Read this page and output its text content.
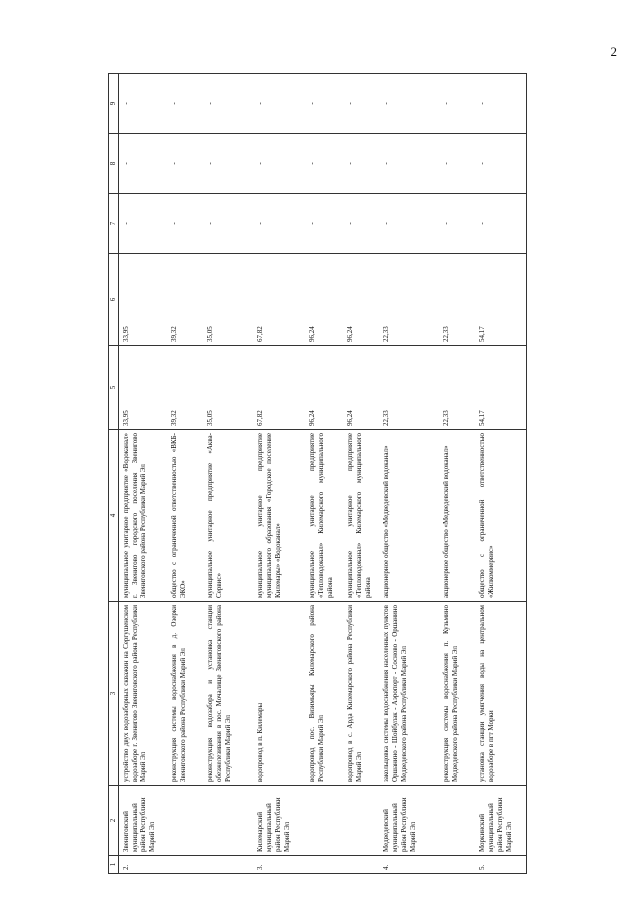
2
1	2	3	4	5	6	7	8	9
2.	Звениговский муниципальный район Республики Марий Эл	устройство двух водозаборных скважин на Сергушенском водозаборе г. Звенигово Звениговского района Республики Марий Эл	муниципальное унитарное предприятие «Водоканал» г. Звенигово городского поселения Звенигово Звениговского района Республики Марий Эл	33,95	33,95	-	-	-
		реконструкция системы водоснабжения в д. Озерки Звениговского района Республики Марий Эл	общество с ограниченной ответственностью «ВКБ-ЭКО»	39,32	39,32	-	-	-
		реконструкция водозабора и установка станции обезжелезивания в пос. Мочалище Звениговского района Республики Марий Эл	муниципальное унитарное предприятие «Аква-Сервис»	35,05	35,05	-	-	-
3.	Килемарский муниципальный район Республики Марий Эл	водопровод в п. Килемары	муниципальное унитарное предприятие муниципального образования «Городское поселение Килемары» «Водоканал»	67,82	67,82	-	-	-
		водопровод пос. Визимьяры Килемарского района Республики Марий Эл	муниципальное унитарное предприятие «Тепловодоканал» Килемарского муниципального района	96,24	96,24	-	-	-
		водопровод в с. Арда Килемарского района Республики Марий Эл	муниципальное унитарное предприятие «Тепловодоканал» Килемарского муниципального района	96,24	96,24	-	-	-
4.	Медведевский муниципальный район Республики Марий Эл	закольцовка системы водоснабжения населенных пунктов Оршанино - Шойбулак - Аэропорт - Сосново - Оршанино Медведевского района Республики Марий Эл	акционерное общество «Медведевский водоканал»	22,33	22,33	-	-	-
		реконструкция системы водоснабжения п. Кузьмино Медведевского района Республики Марий Эл	акционерное общество «Медведевский водоканал»	22,33	22,33	-	-	-
5.	Моркинский муниципальный район Республики Марий Эл	установка станции умягчения воды на центральном водозаборе в пгт Морки	общество с ограниченной ответственностью «Жилкоммервис»	54,17	54,17	-	-	-
